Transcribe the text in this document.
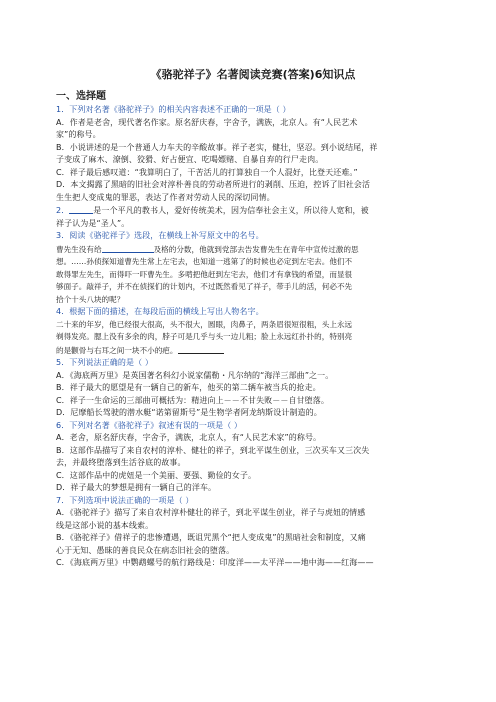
《骆驼祥子》名著阅读竞赛(答案)6知识点
一、选择题
1．下列对名著《骆驼祥子》的相关内容表述不正确的一项是（ ）
A．作者是老舍，现代著名作家。原名舒庆春，字舍予，满族，北京人。有“人民艺术
家”的称号。
B．小说讲述的是一个普通人力车夫的辛酸故事。祥子老实，健壮，坚忍。到小说结尾，祥
子变成了麻木、潦倒、狡猾、好占便宜、吃喝嫖赌、自暴自弃的行尸走肉。
C．祥子最后感叹道：“我算明白了，干苦活儿的打算独自一个人混好，比登天还难。”
D．本文揭露了黑暗的旧社会对淳朴善良的劳动者所进行的剥削、压迫，控诉了旧社会活
生生把人变成鬼的罪恶，表达了作者对劳动人民的深切同情。
2．	是一个平凡的教书人，爱好传统美术，因为信奉社会主义，所以待人宽和，被
祥子认为是“圣人”。
3．阅读《骆驼祥子》选段，在横线上补写原文中的名号。
曹先生没有给	及格的分数，他就到党部去告发曹先生在青年中宣传过激的思
想。……孙侦探知道曹先生常上左宅去，也知道一逃第了的时候也必定到左宅去。他们不
敢得罪左先生，而得吓一吓曹先生。多啃把他赶到左宅去，他们才有拿钱的希望，而显很
够面子。敲祥子，并不在侦探们的计划内，不过既然看见了祥子，带手儿的活，何必不先
拾个十头八块的呢？
4．根据下面的描述，在每段后面的横线上写出人物名字。
二十来的年岁，他已经很大很高，头不很大，圆眼，肉鼻子，两条眉很短很粗，头上永远
剃得发亮。腮上没有多余的肉，脖子可是几乎与头一边儿粗；脸上永远红扑扑的，特别亮
的是颧骨与右耳之间一块不小的疤。
5．下列说法正确的是（ ）
A．《海底两万里》是英国著名科幻小说家儒勒・凡尔纳的“海洋三部曲”之一。
B．祥子最大的愿望是有一辆自己的新车，他买的第二辆车被当兵的抢走。
C．祥子一生命运的三部曲可概括为：精进向上－－不甘失败－－自甘堕落。
D．尼摩船长驾驶的潜水艇“诺第留斯号”是生物学者阿龙纳斯设计制造的。
6．下列对名著《骆驼祥子》叙述有误的一项是（ ）
A．老舍，原名舒庆春，字舍予，满族，北京人，有“人民艺术家”的称号。
B．这部作品描写了来自农村的淳朴、健壮的祥子，到北平谋生创业，三次买车又三次失
去，并最终堕落到生活谷底的故事。
C．这部作品中的虎妞是一个美丽、要强、勤俭的女子。
D．祥子最大的梦想是拥有一辆自己的洋车。
7．下列选项中说法正确的一项是（ ）
A．《骆驼祥子》描写了来自农村淳朴健壮的祥子，到北平谋生创业，祥子与虎妞的情感
线是这部小说的基本线索。
B．《骆驼祥子》借祥子的悲惨遭遇，既诅咒黑个“把人变成鬼”的黑暗社会和制度，又痛
心于无知、愚昧的善良民众在病态旧社会的堕落。
C．《海底两万里》中鹦鹉螺号的航行路线是：印度洋——太平洋——地中海——红海——
